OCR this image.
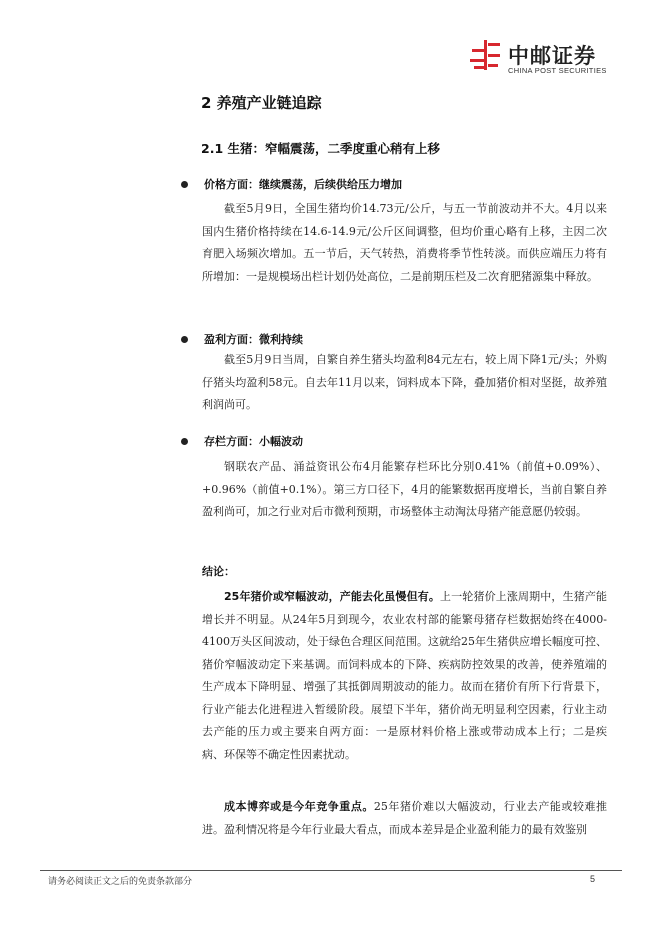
中邮证券
CHINA POST SECURITIES
2 养殖产业链追踪
2.1 生猪：窄幅震荡，二季度重心稍有上移
价格方面：继续震荡，后续供给压力增加

截至5月9日，全国生猪均价14.73元/公斤，与五一节前波动并不大。4月以来国内生猪价格持续在14.6-14.9元/公斤区间调整，但均价重心略有上移，主因二次育肥入场频次增加。五一节后，天气转热，消费将季节性转淡。而供应端压力将有所增加：一是规模场出栏计划仍处高位，二是前期压栏及二次育肥猪源集中释放。

盈利方面：微利持续

截至5月9日当周，自繁自养生猪头均盈利84元左右，较上周下降1元/头；外购仔猪头均盈利58元。自去年11月以来，饲料成本下降，叠加猪价相对坚挺，故养殖利润尚可。

存栏方面：小幅波动

钢联农产品、涌益资讯公布4月能繁存栏环比分别0.41%（前值+0.09%）、+0.96%（前值+0.1%）。第三方口径下，4月的能繁数据再度增长，当前自繁自养盈利尚可，加之行业对后市微利预期，市场整体主动淘汰母猪产能意愿仍较弱。

结论：

25年猪价或窄幅波动，产能去化虽慢但有。上一轮猪价上涨周期中，生猪产能增长并不明显。从24年5月到现今，农业农村部的能繁母猪存栏数据始终在4000-4100万头区间波动，处于绿色合理区间范围。这就给25年生猪供应增长幅度可控、猪价窄幅波动定下来基调。而饲料成本的下降、疾病防控效果的改善，使养殖端的生产成本下降明显、增强了其抵御周期波动的能力。故而在猪价有所下行背景下，行业产能去化进程进入暂缓阶段。展望下半年，猪价尚无明显利空因素，行业主动去产能的压力或主要来自两方面：一是原材料价格上涨或带动成本上行；二是疾病、环保等不确定性因素扰动。

成本博弈或是今年竞争重点。25年猪价难以大幅波动，行业去产能或较难推进。盈利情况将是今年行业最大看点，而成本差异是企业盈利能力的最有效鉴别

请务必阅读正文之后的免责条款部分	5
